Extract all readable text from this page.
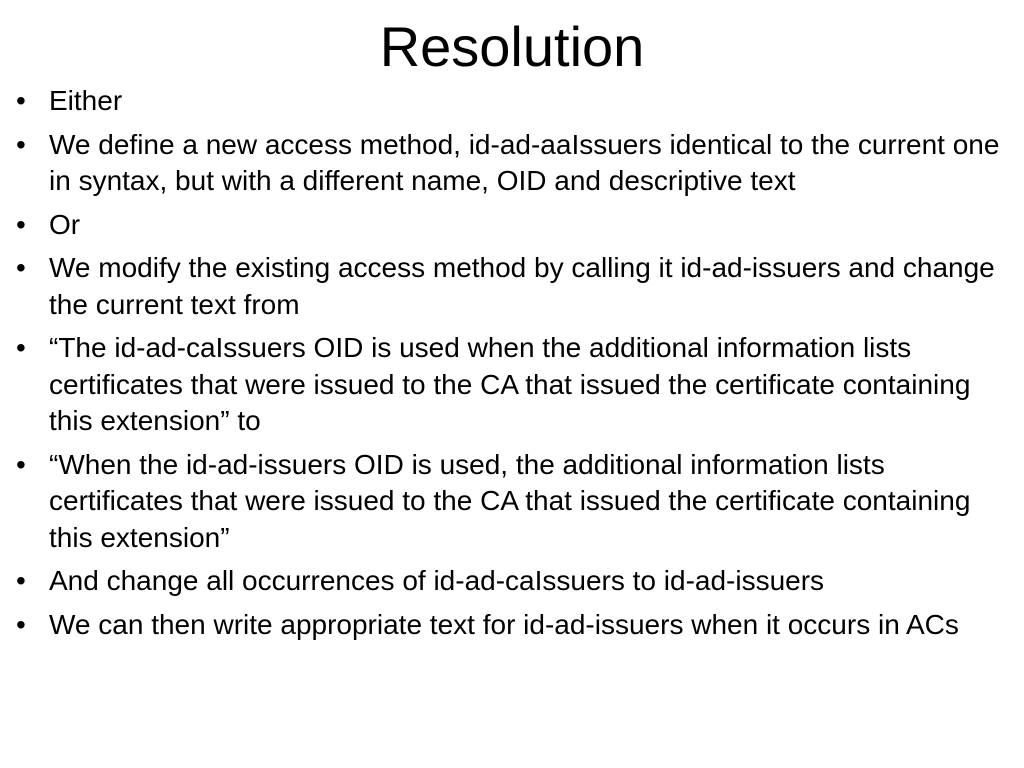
Resolution
• Either
• We define a new access method, id-ad-aaIssuers identical to the current one in syntax, but with a different name, OID and descriptive text
• Or
• We modify the existing access method by calling it id-ad-issuers and change the current text from
• “The id-ad-caIssuers OID is used when the additional information lists certificates that were issued to the CA that issued the certificate containing this extension” to
• “When the id-ad-issuers OID is used, the additional information lists certificates that were issued to the CA that issued the certificate containing this extension”
• And change all occurrences of id-ad-caIssuers to id-ad-issuers
• We can then write appropriate text for id-ad-issuers when it occurs in ACs
